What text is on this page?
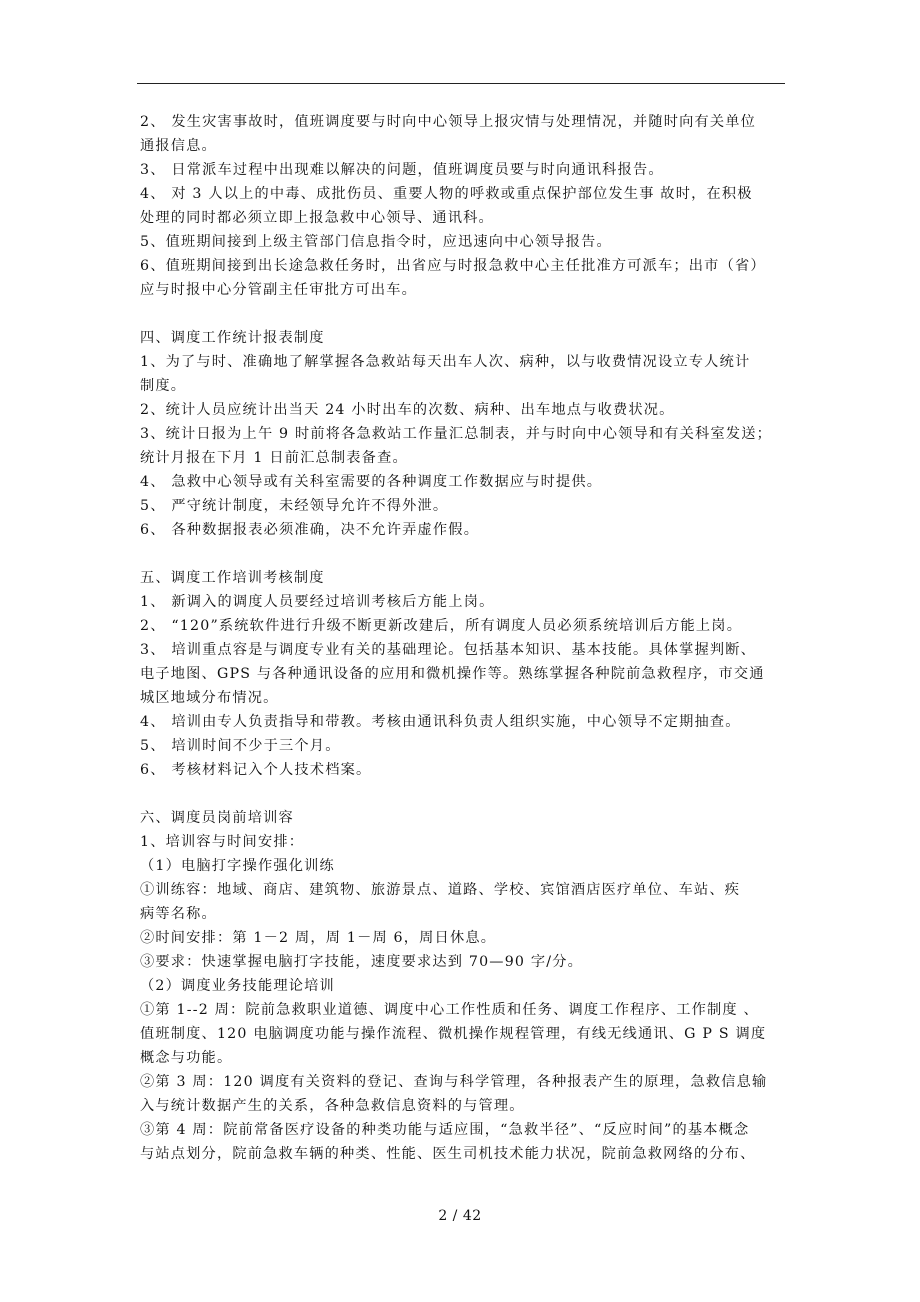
2、 发生灾害事故时，值班调度要与时向中心领导上报灾情与处理情况，并随时向有关单位
通报信息。
3、 日常派车过程中出现难以解决的问题，值班调度员要与时向通讯科报告。
4、 对 3 人以上的中毒、成批伤员、重要人物的呼救或重点保护部位发生事 故时，在积极
处理的同时都必须立即上报急救中心领导、通讯科。
5、值班期间接到上级主管部门信息指令时，应迅速向中心领导报告。
6、值班期间接到出长途急救任务时，出省应与时报急救中心主任批准方可派车；出市（省）
应与时报中心分管副主任审批方可出车。
四、调度工作统计报表制度
1、为了与时、准确地了解掌握各急救站每天出车人次、病种，以与收费情况设立专人统计
制度。
2、统计人员应统计出当天 24 小时出车的次数、病种、出车地点与收费状况。
3、统计日报为上午 9 时前将各急救站工作量汇总制表，并与时向中心领导和有关科室发送；
统计月报在下月 1 日前汇总制表备查。
4、 急救中心领导或有关科室需要的各种调度工作数据应与时提供。
5、 严守统计制度，未经领导允许不得外泄。
6、 各种数据报表必须准确，决不允许弄虚作假。
五、调度工作培训考核制度
1、 新调入的调度人员要经过培训考核后方能上岗。
2、 “120”系统软件进行升级不断更新改建后，所有调度人员必须系统培训后方能上岗。
3、 培训重点容是与调度专业有关的基础理论。包括基本知识、基本技能。具体掌握判断、
电子地图、GPS 与各种通讯设备的应用和微机操作等。熟练掌握各种院前急救程序，市交通
城区地域分布情况。
4、 培训由专人负责指导和带教。考核由通讯科负责人组织实施，中心领导不定期抽查。
5、 培训时间不少于三个月。
6、 考核材料记入个人技术档案。
六、调度员岗前培训容
1、培训容与时间安排：
（1）电脑打字操作强化训练
①训练容：地域、商店、建筑物、旅游景点、道路、学校、宾馆酒店医疗单位、车站、疾
病等名称。
②时间安排：第 1－2 周，周 1－周 6，周日休息。
③要求：快速掌握电脑打字技能，速度要求达到 70—90 字/分。
（2）调度业务技能理论培训
①第 1--2 周：院前急救职业道德、调度中心工作性质和任务、调度工作程序、工作制度 、
值班制度、120 电脑调度功能与操作流程、微机操作规程管理，有线无线通讯、G P S 调度
概念与功能。
②第 3 周：120 调度有关资料的登记、查询与科学管理，各种报表产生的原理，急救信息输
入与统计数据产生的关系，各种急救信息资料的与管理。
③第 4 周：院前常备医疗设备的种类功能与适应围，“急救半径”、“反应时间”的基本概念
与站点划分，院前急救车辆的种类、性能、医生司机技术能力状况，院前急救网络的分布、
2 / 42
